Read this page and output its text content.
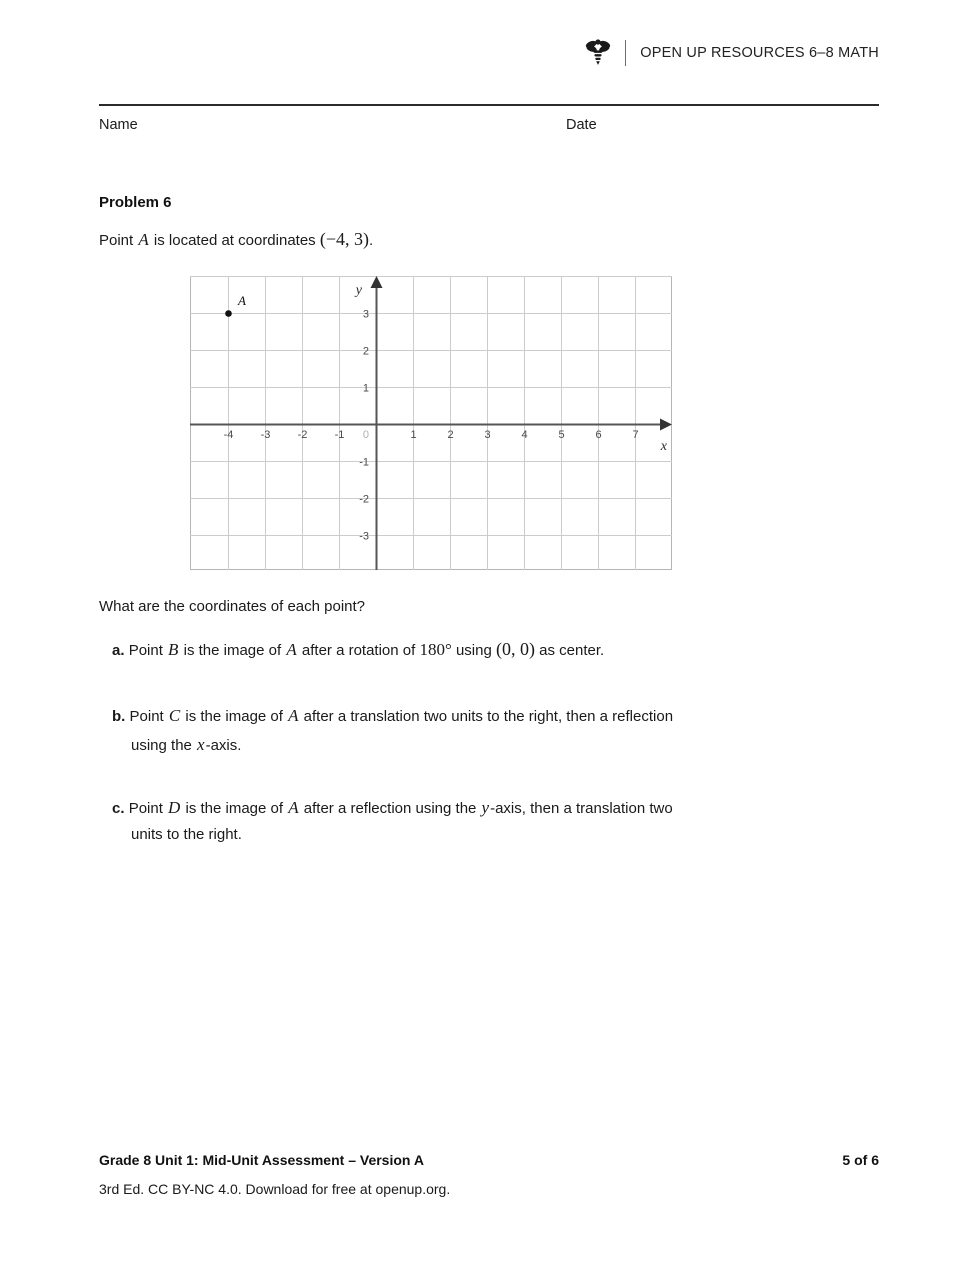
OPEN UP RESOURCES 6–8 MATH
Name	Date
Problem 6
Point A is located at coordinates (−4, 3).
-4 -3 -2 -1	1	2	3	4	5	6	7
3
2
1
-1
-2
-3
0
y
x
A
What are the coordinates of each point?
a. Point B is the image of A after a rotation of 180° using (0, 0) as center.
b. Point C is the image of A after a translation two units to the right, then a reflection
using the x-axis.
c. Point D is the image of A after a reflection using the y-axis, then a translation two
units to the right.
Grade 8 Unit 1: Mid-Unit Assessment – Version A	5 of 6
3rd Ed. CC BY-NC 4.0. Download for free at openup.org.
